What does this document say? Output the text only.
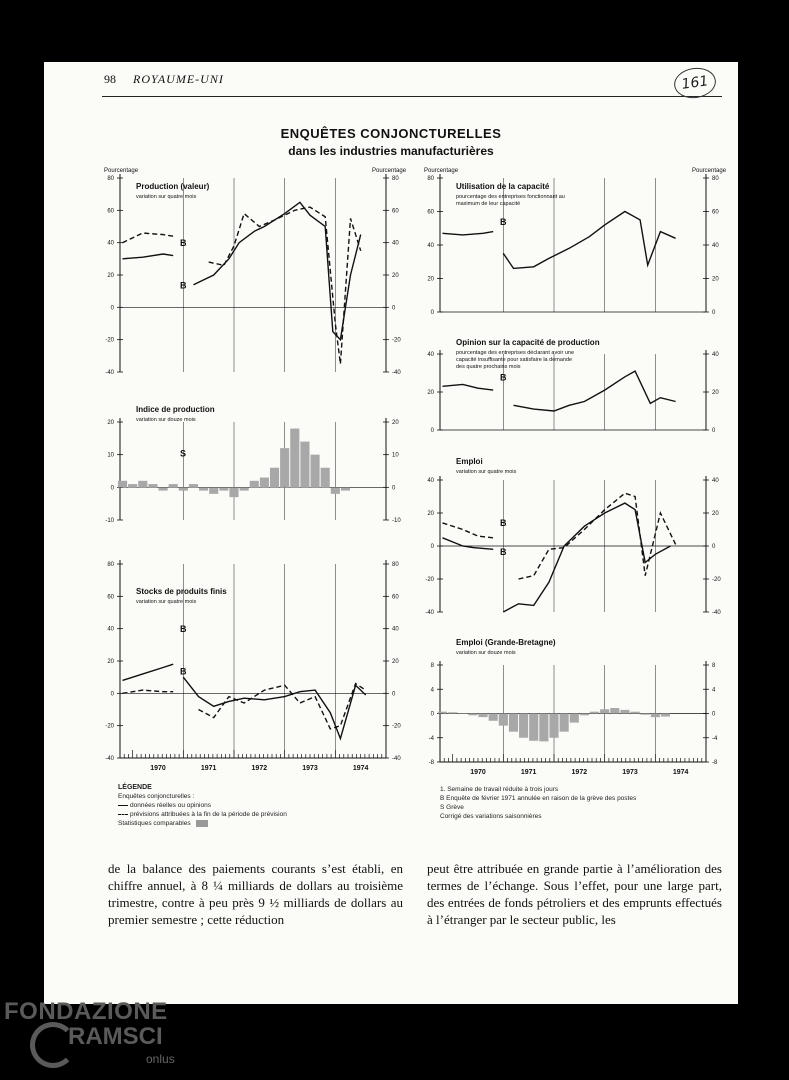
98 ROYAUME-UNI	161
ENQUÊTES CONJONCTURELLES
dans les industries manufacturières
Pourcentage	Pourcentage	Pourcentage	Pourcentage
80	80
60	60
40	40
20	20
0	0
-20	-20
-40	-40
Production (valeur)
variation sur quatre mois
B
B
20	20
10	10
0	0
-10	-10
Indice de production
variation sur douze mois
S
80	80
60	60
40	40
20	20
0	0
-20	-20
-40	-40
Stocks de produits finis
variation sur quatre mois
B
B
80	80
60	60
40	40
20	20
0	0
Utilisation de la capacité
pourcentage des entreprises fonctionnant au
maximum de leur capacité
B
40	40
20	20
0	0
Opinion sur la capacité de production
pourcentage des entreprises déclarant avoir une
capacité insuffisante pour satisfaire la demande
des quatre prochains mois
B
40	40
20	20
0	0
-20	-20
-40	-40
Emploi
variation sur quatre mois
B
B
8	8
4	4
0	0
-4	-4
-8	-8
Emploi (Grande-Bretagne)
variation sur douze mois
1970	1971	1972	1973	1974
1970	1971	1972	1973	1974
LÉGENDE
Enquêtes conjoncturelles :
données réelles ou opinions
prévisions attribuées à la fin de la période de prévision
Statistiques comparables
1. Semaine de travail réduite à trois jours
B Enquête de février 1971 annulée en raison de la grève des postes
S Grève
Corrigé des variations saisonnières
de la balance des paiements courants s’est établi, en chiffre annuel, à 8 ¼ milliards de dollars au troisième trimestre, contre à peu près 9 ½ milliards de dollars au premier semestre ; cette réduction
peut être attribuée en grande partie à l’amélioration des termes de l’échange. Sous l’effet, pour une large part, des entrées de fonds pétroliers et des emprunts effectués à l’étranger par le secteur public, les
FONDAZIONE
RAMSCI
onlus
